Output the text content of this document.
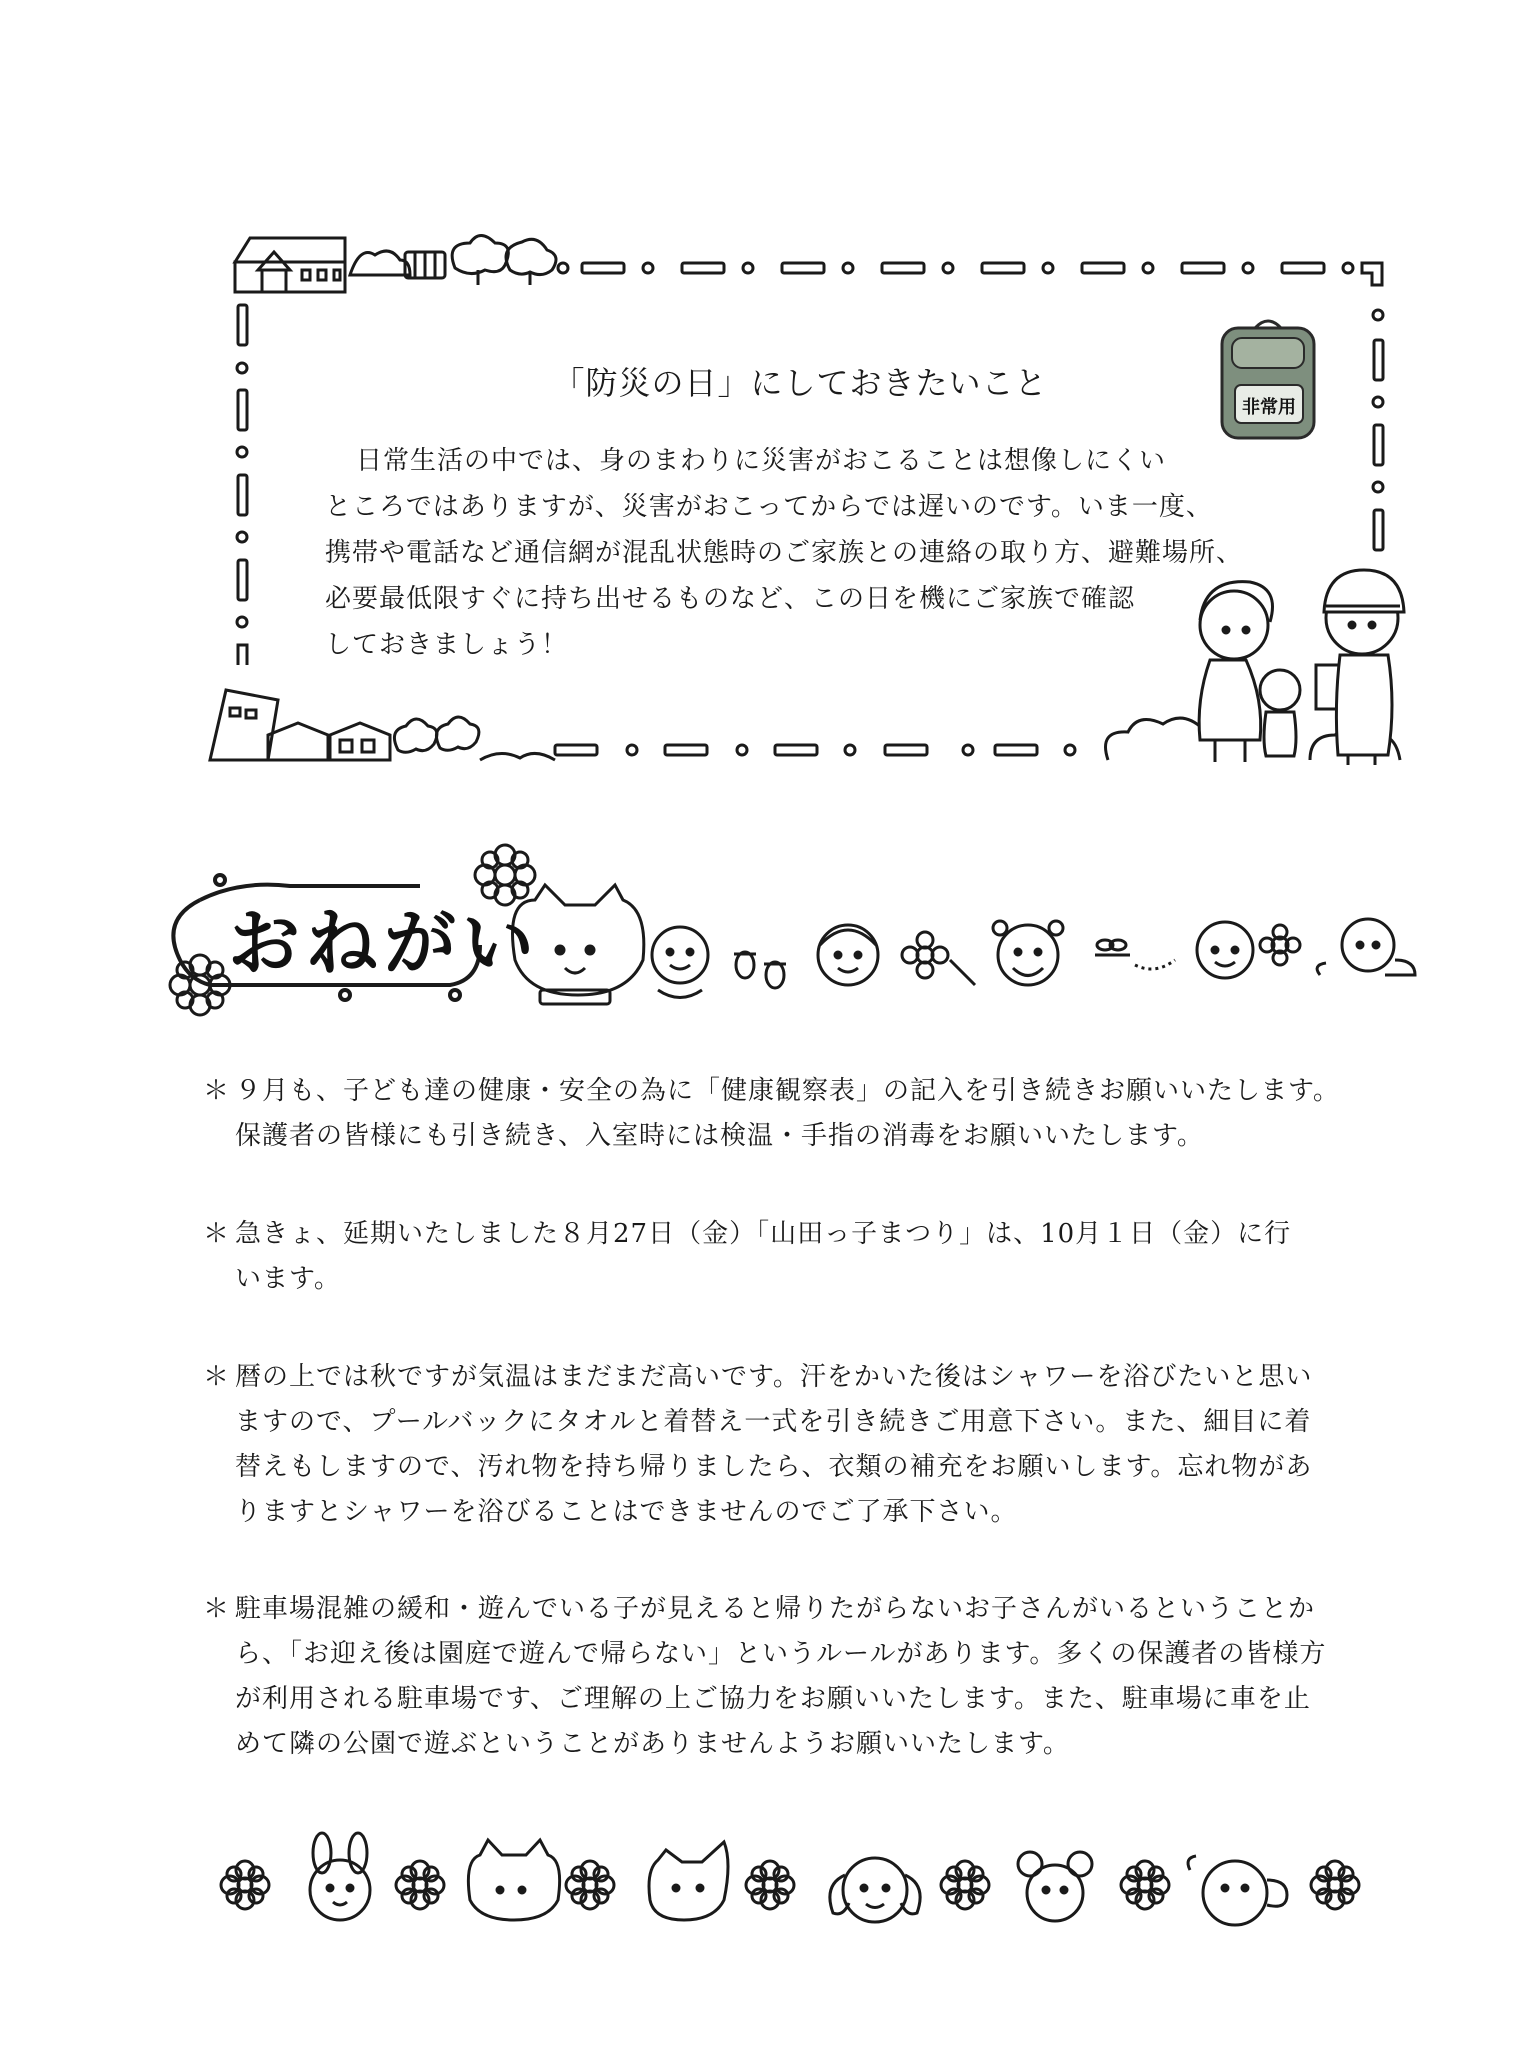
非常用
「防災の日」にしておきたいこと
日常生活の中では、身のまわりに災害がおこることは想像しにくい
ところではありますが、災害がおこってからでは遅いのです。いま一度、
携帯や電話など通信網が混乱状態時のご家族との連絡の取り方、避難場所、
必要最低限すぐに持ち出せるものなど、この日を機にご家族で確認
しておきましょう！
おねがい
＊ ９月も、子ども達の健康・安全の為に「健康観察表」の記入を引き続きお願いいたします。
保護者の皆様にも引き続き、入室時には検温・手指の消毒をお願いいたします。
＊ 急きょ、延期いたしました８月27日（金）「山田っ子まつり」は、10月１日（金）に行
います。
＊ 暦の上では秋ですが気温はまだまだ高いです。汗をかいた後はシャワーを浴びたいと思い
ますので、プールバックにタオルと着替え一式を引き続きご用意下さい。また、細目に着
替えもしますので、汚れ物を持ち帰りましたら、衣類の補充をお願いします。忘れ物があ
りますとシャワーを浴びることはできませんのでご了承下さい。
＊ 駐車場混雑の緩和・遊んでいる子が見えると帰りたがらないお子さんがいるということか
ら、「お迎え後は園庭で遊んで帰らない」というルールがあります。多くの保護者の皆様方
が利用される駐車場です、ご理解の上ご協力をお願いいたします。また、駐車場に車を止
めて隣の公園で遊ぶということがありませんようお願いいたします。
